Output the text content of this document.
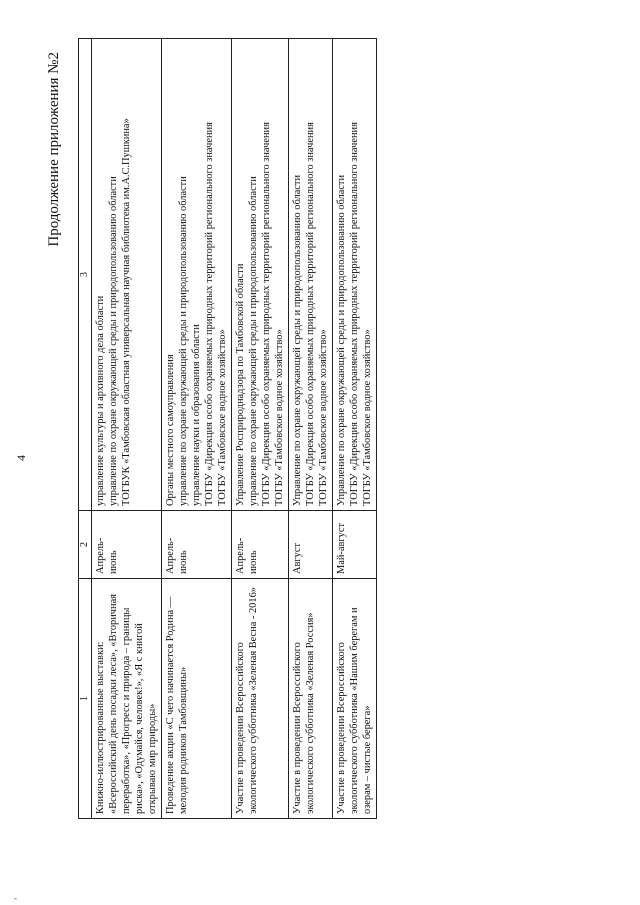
4
Продолжение приложения №2
1	2	3
Книжно-иллюстрированные выставки: «Всероссийский день посадки леса», «Вторичная переработка», «Прогресс и природа – границы риска», «Одумайся, человек!», «Я с книгой открываю мир природы»	Апрель-июнь	управление культуры и архивного дела области управление по охране окружающей среды и природопользованию области ТОГБУК «Тамбовская областная универсальная научная библиотека им.А.С.Пушкина»

Проведение акции «С чего начинается Родина — мелодия родников Тамбовщины»	Апрель-июнь	Органы местного самоуправления управление по охране окружающей среды и природопользованию области управление науки и образования области ТОГБУ «Дирекция особо охраняемых природных территорий регионального значения ТОГБУ «Тамбовское водное хозяйство»

Участие в проведении Всероссийского экологического субботника «Зеленая Весна - 2016»	Апрель-июнь	Управление Росприроднадзора по Тамбовской области управление по охране окружающей среды и природопользованию области ТОГБУ «Дирекция особо охраняемых природных территорий регионального значения ТОГБУ «Тамбовское водное хозяйство»

Участие в проведении Всероссийского экологического субботника «Зеленая Россия»	Август	Управление по охране окружающей среды и природопользованию области ТОГБУ «Дирекция особо охраняемых природных территорий регионального значения ТОГБУ «Тамбовское водное хозяйство»

Участие в проведении Всероссийского экологического субботника «Нашим берегам и озерам – чистые берега»	Май-август	Управление по охране окружающей среды и природопользованию области ТОГБУ «Дирекция особо охраняемых природных территорий регионального значения ТОГБУ «Тамбовское водное хозяйство»
-
